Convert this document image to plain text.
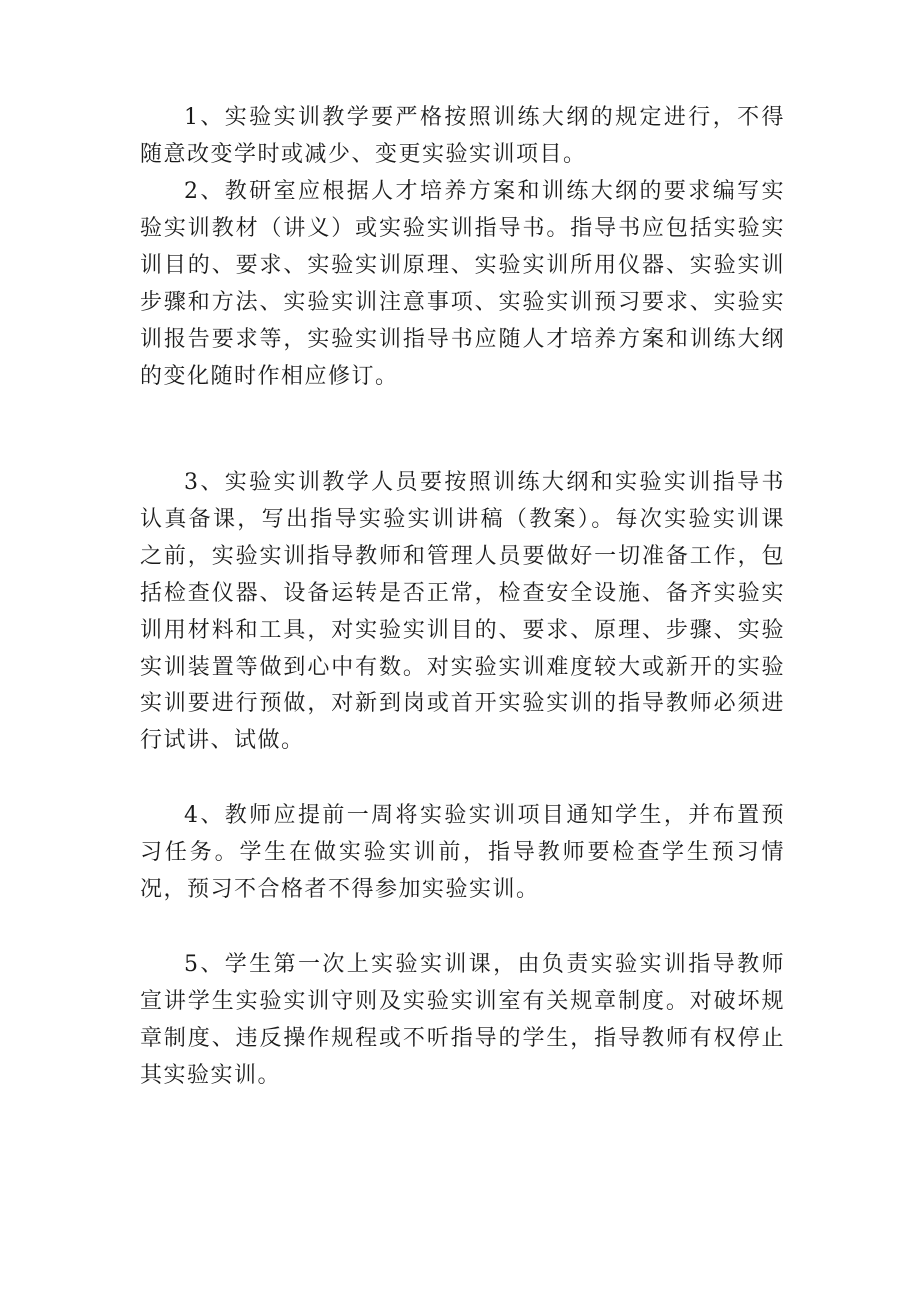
1、实验实训教学要严格按照训练大纲的规定进行，不得随意改变学时或减少、变更实验实训项目。

2、教研室应根据人才培养方案和训练大纲的要求编写实验实训教材（讲义）或实验实训指导书。指导书应包括实验实训目的、要求、实验实训原理、实验实训所用仪器、实验实训步骤和方法、实验实训注意事项、实验实训预习要求、实验实训报告要求等，实验实训指导书应随人才培养方案和训练大纲的变化随时作相应修订。

3、实验实训教学人员要按照训练大纲和实验实训指导书认真备课，写出指导实验实训讲稿（教案）。每次实验实训课之前，实验实训指导教师和管理人员要做好一切准备工作，包括检查仪器、设备运转是否正常，检查安全设施、备齐实验实训用材料和工具，对实验实训目的、要求、原理、步骤、实验实训装置等做到心中有数。对实验实训难度较大或新开的实验实训要进行预做，对新到岗或首开实验实训的指导教师必须进行试讲、试做。

4、教师应提前一周将实验实训项目通知学生，并布置预习任务。学生在做实验实训前，指导教师要检查学生预习情况，预习不合格者不得参加实验实训。

5、学生第一次上实验实训课，由负责实验实训指导教师宣讲学生实验实训守则及实验实训室有关规章制度。对破坏规章制度、违反操作规程或不听指导的学生，指导教师有权停止其实验实训。
